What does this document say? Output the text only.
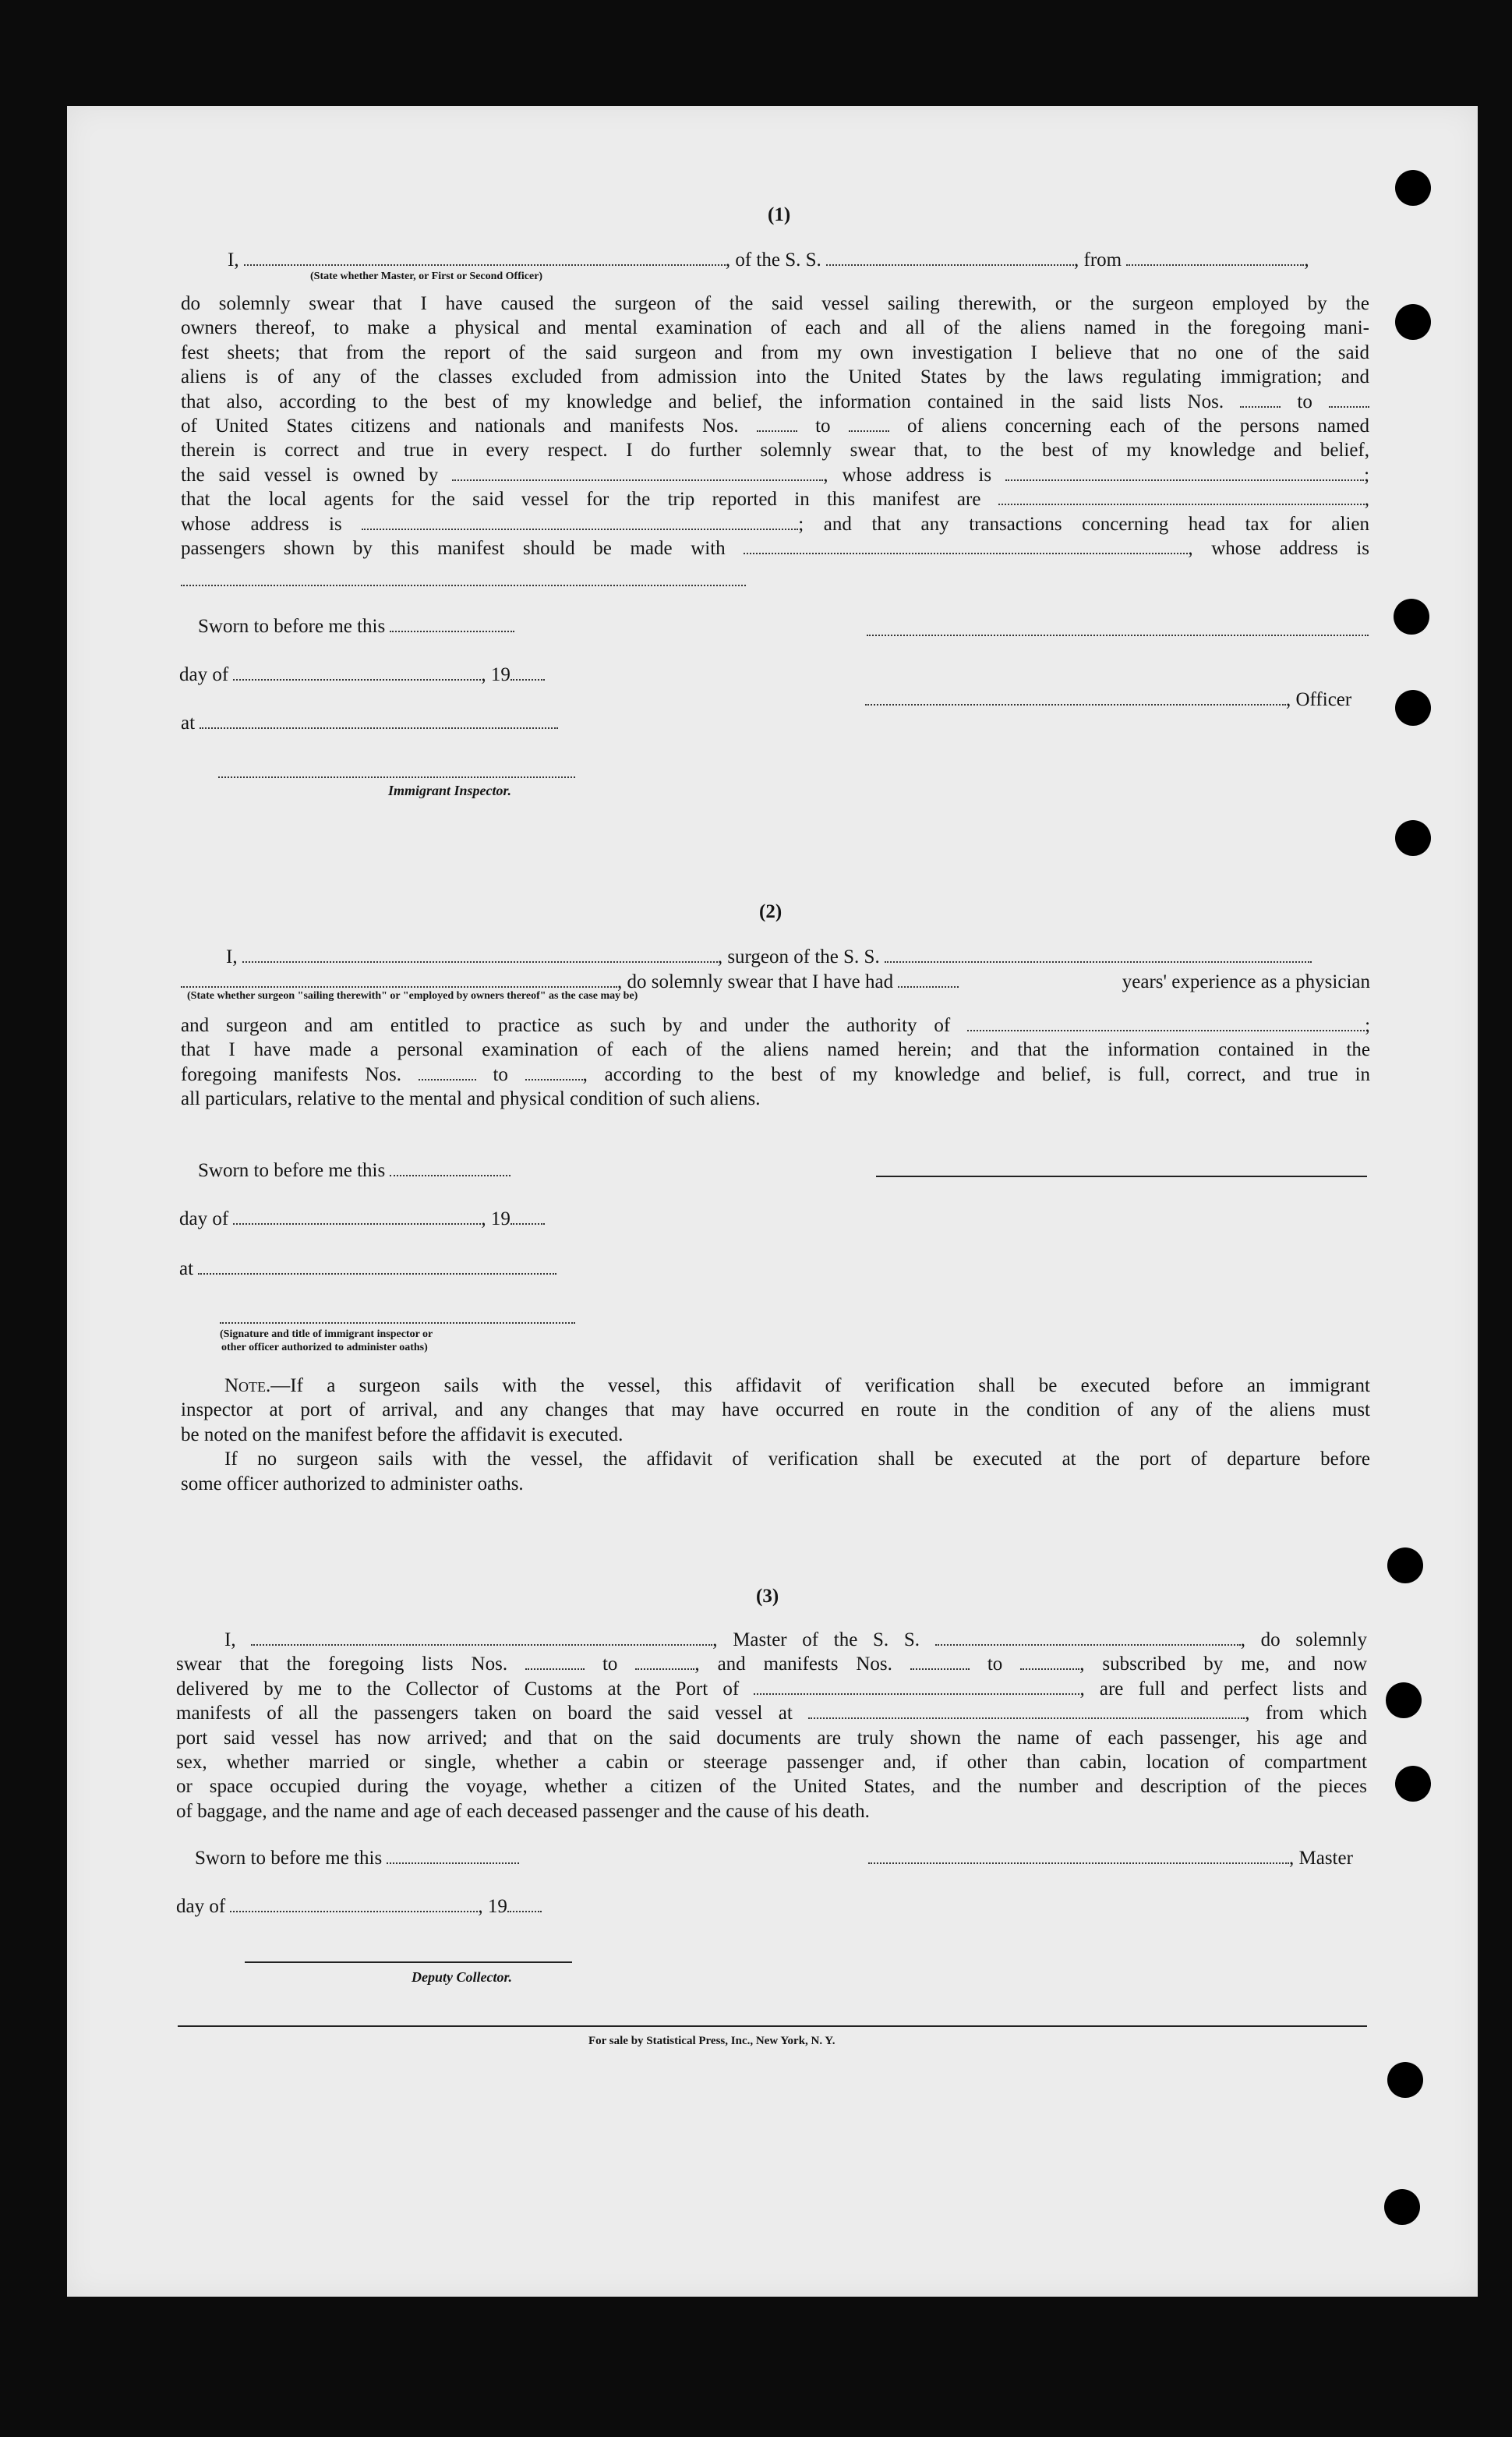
(1)
I,	, of the S. S.	, from	,
(State whether Master, or First or Second Officer)
do solemnly swear that I have caused the surgeon of the said vessel sailing therewith, or the surgeon employed by the
owners thereof, to make a physical and mental examination of each and all of the aliens named in the foregoing mani-
fest sheets; that from the report of the said surgeon and from my own investigation I believe that no one of the said
aliens is of any of the classes excluded from admission into the United States by the laws regulating immigration; and
that also, according to the best of my knowledge and belief, the information contained in the said lists Nos.	to
of United States citizens and nationals and manifests Nos.	to	of aliens concerning each of the persons named
therein is correct and true in every respect. I do further solemnly swear that, to the best of my knowledge and belief,
the said vessel is owned by	, whose address is	;
that the local agents for the said vessel for the trip reported in this manifest are	,
whose address is	; and that any transactions concerning head tax for alien
passengers shown by this manifest should be made with	, whose address is
Sworn to before me this
day of	, 19
at
Immigrant Inspector.
, Officer
(2)
I,	, surgeon of the S. S.
, do solemnly swear that I have had	years' experience as a physician
(State whether surgeon "sailing therewith" or "employed by owners thereof" as the case may be)
and surgeon and am entitled to practice as such by and under the authority of	;
that I have made a personal examination of each of the aliens named herein; and that the information contained in the
foregoing manifests Nos.	to	, according to the best of my knowledge and belief, is full, correct, and true in
all particulars, relative to the mental and physical condition of such aliens.
Sworn to before me this
day of	, 19
at
(Signature and title of immigrant inspector or
other officer authorized to administer oaths)
Note.—If a surgeon sails with the vessel, this affidavit of verification shall be executed before an immigrant
inspector at port of arrival, and any changes that may have occurred en route in the condition of any of the aliens must
be noted on the manifest before the affidavit is executed.
If no surgeon sails with the vessel, the affidavit of verification shall be executed at the port of departure before
some officer authorized to administer oaths.
(3)
I,	, Master of the S. S.	, do solemnly
swear that the foregoing lists Nos.	to	, and manifests Nos.	to	, subscribed by me, and now
delivered by me to the Collector of Customs at the Port of	, are full and perfect lists and
manifests of all the passengers taken on board the said vessel at	, from which
port said vessel has now arrived; and that on the said documents are truly shown the name of each passenger, his age and
sex, whether married or single, whether a cabin or steerage passenger and, if other than cabin, location of compartment
or space occupied during the voyage, whether a citizen of the United States, and the number and description of the pieces
of baggage, and the name and age of each deceased passenger and the cause of his death.
Sworn to before me this
day of	, 19
Deputy Collector.
, Master
For sale by Statistical Press, Inc., New York, N. Y.
